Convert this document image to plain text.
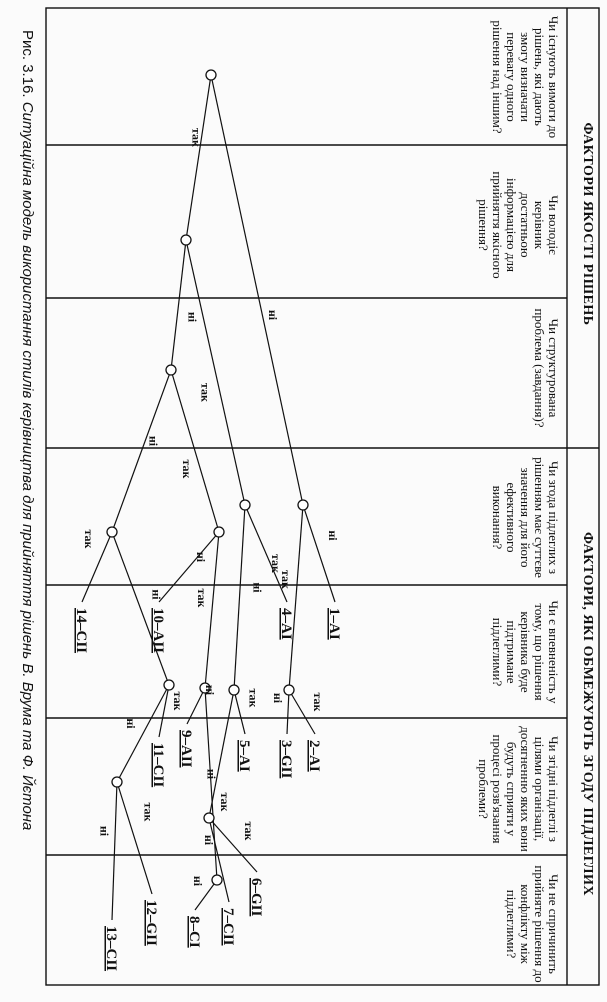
ФАКТОРИ ЯКОСТІ РІШЕНЬ
ФАКТОРИ, ЯКІ ОБМЕЖУЮТЬ ЗГОДУ ПІДЛЕГЛИХ
Чи існують вимоги до рішень, які дають змогу визначати перевагу одного рішення над іншим?
Чи володіє керівник достатньою інформацією для прийняття якісного рішення?
Чи структурована проблема (завдання)?
Чи згода підлеглих з рішенням має суттєве значення для його ефективного виконання?
Чи є впевненість у тому, що рішення керівника буде підтримане підлеглими?
Чи згідні підлеглі з цілями організації, досягненню яких вони будуть сприяти у процесі розв'язання проблеми?
Чи не спричинить прийняте рішення до конфлікту між підлеглими?
так
ні
ні
так
так
ні
ні
так
так
ні
ні
так
так
ні
так
ні
так
ні
ні
так
так
ні
так
ні
ні
так
ні
1–АІ
2–АІ
3–GІІ
4–АІ
5–АІ
6–GІІ
7–СІІ
8–СІ
9–АІІ
10–АІІ
11–СІІ
12–GІІ
13–СІІ
14–СІІ
Рис. 3.16. Ситуаційна модель використання стилів керівництва для прийняття рішень В. Врума та Ф. Йєтона
